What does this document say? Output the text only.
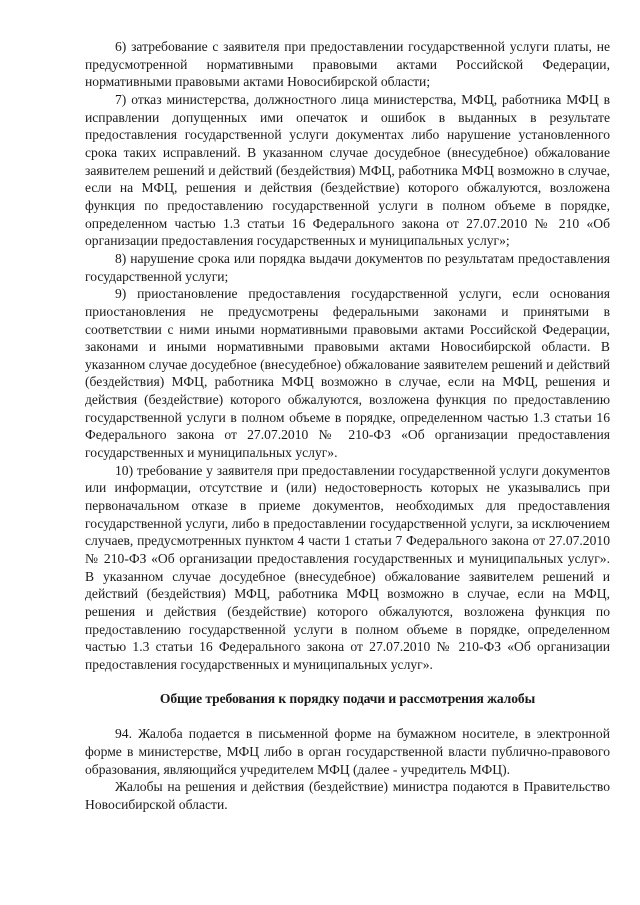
6) затребование с заявителя при предоставлении государственной услуги платы, не предусмотренной нормативными правовыми актами Российской Федерации, нормативными правовыми актами Новосибирской области;

7) отказ министерства, должностного лица министерства, МФЦ, работника МФЦ в исправлении допущенных ими опечаток и ошибок в выданных в результате предоставления государственной услуги документах либо нарушение установленного срока таких исправлений. В указанном случае досудебное (внесудебное) обжалование заявителем решений и действий (бездействия) МФЦ, работника МФЦ возможно в случае, если на МФЦ, решения и действия (бездействие) которого обжалуются, возложена функция по предоставлению государственной услуги в полном объеме в порядке, определенном частью 1.3 статьи 16 Федерального закона от 27.07.2010 № 210 «Об организации предоставления государственных и муниципальных услуг»;

8) нарушение срока или порядка выдачи документов по результатам предоставления государственной услуги;

9) приостановление предоставления государственной услуги, если основания приостановления не предусмотрены федеральными законами и принятыми в соответствии с ними иными нормативными правовыми актами Российской Федерации, законами и иными нормативными правовыми актами Новосибирской области. В указанном случае досудебное (внесудебное) обжалование заявителем решений и действий (бездействия) МФЦ, работника МФЦ возможно в случае, если на МФЦ, решения и действия (бездействие) которого обжалуются, возложена функция по предоставлению государственной услуги в полном объеме в порядке, определенном частью 1.3 статьи 16 Федерального закона от 27.07.2010 № 210-ФЗ «Об организации предоставления государственных и муниципальных услуг».

10) требование у заявителя при предоставлении государственной услуги документов или информации, отсутствие и (или) недостоверность которых не указывались при первоначальном отказе в приеме документов, необходимых для предоставления государственной услуги, либо в предоставлении государственной услуги, за исключением случаев, предусмотренных пунктом 4 части 1 статьи 7 Федерального закона от 27.07.2010 № 210-ФЗ «Об организации предоставления государственных и муниципальных услуг». В указанном случае досудебное (внесудебное) обжалование заявителем решений и действий (бездействия) МФЦ, работника МФЦ возможно в случае, если на МФЦ, решения и действия (бездействие) которого обжалуются, возложена функция по предоставлению государственной услуги в полном объеме в порядке, определенном частью 1.3 статьи 16 Федерального закона от 27.07.2010 № 210-ФЗ «Об организации предоставления государственных и муниципальных услуг».

Общие требования к порядку подачи и рассмотрения жалобы

94. Жалоба подается в письменной форме на бумажном носителе, в электронной форме в министерстве, МФЦ либо в орган государственной власти публично-правового образования, являющийся учредителем МФЦ (далее - учредитель МФЦ).

Жалобы на решения и действия (бездействие) министра подаются в Правительство Новосибирской области.
